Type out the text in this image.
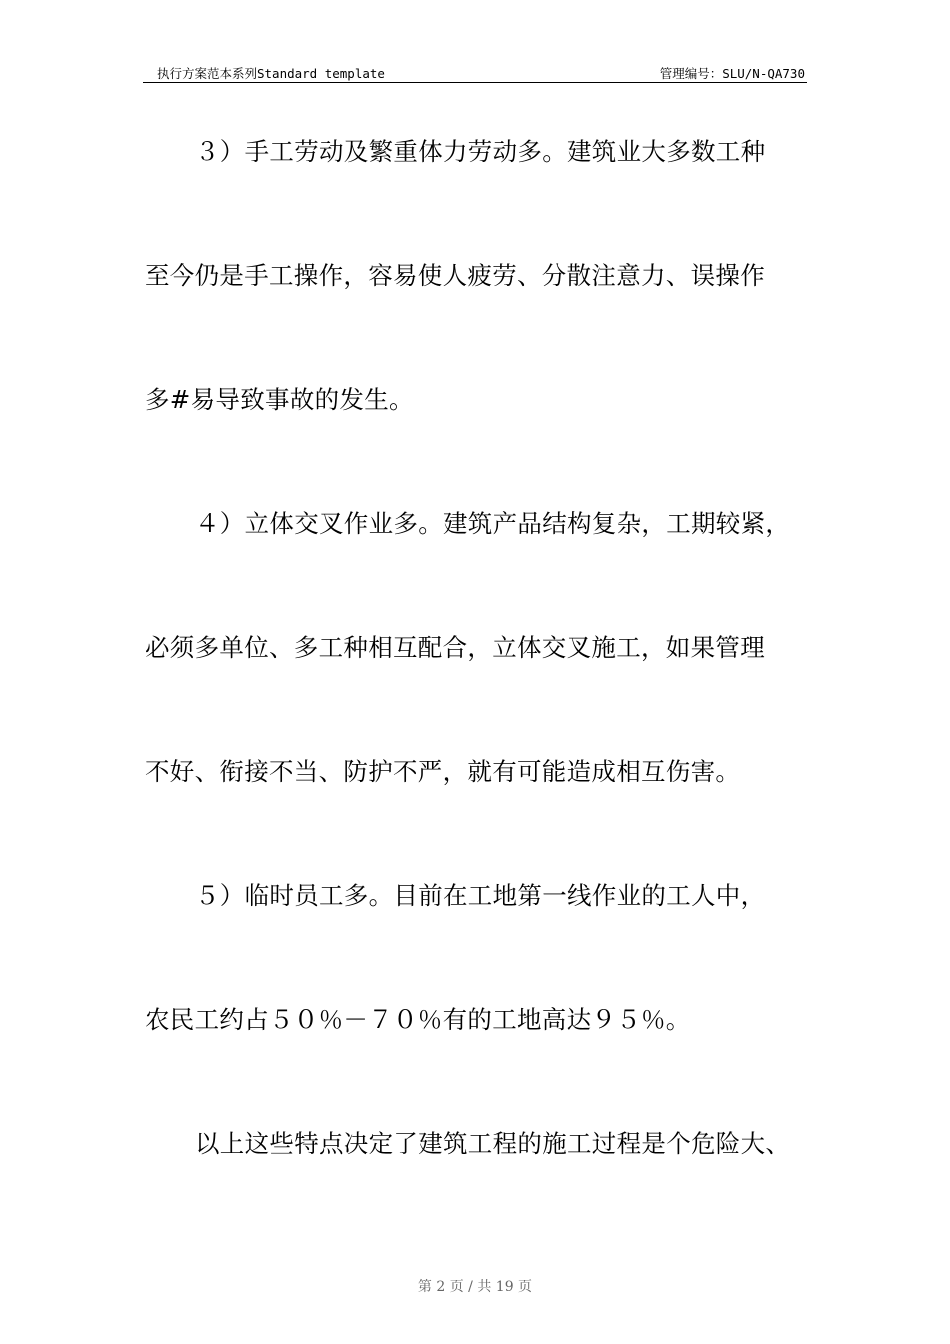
执行方案范本系列Standard template	管理编号：SLU/N-QA730
３）手工劳动及繁重体力劳动多。建筑业大多数工种
至今仍是手工操作，容易使人疲劳、分散注意力、误操作
多#易导致事故的发生。
４）立体交叉作业多。建筑产品结构复杂，工期较紧，
必须多单位、多工种相互配合，立体交叉施工，如果管理
不好、衔接不当、防护不严，就有可能造成相互伤害。
５）临时员工多。目前在工地第一线作业的工人中，
农民工约占５０％－７０％有的工地高达９５％。
以上这些特点决定了建筑工程的施工过程是个危险大、
第 2 页 / 共 19 页
